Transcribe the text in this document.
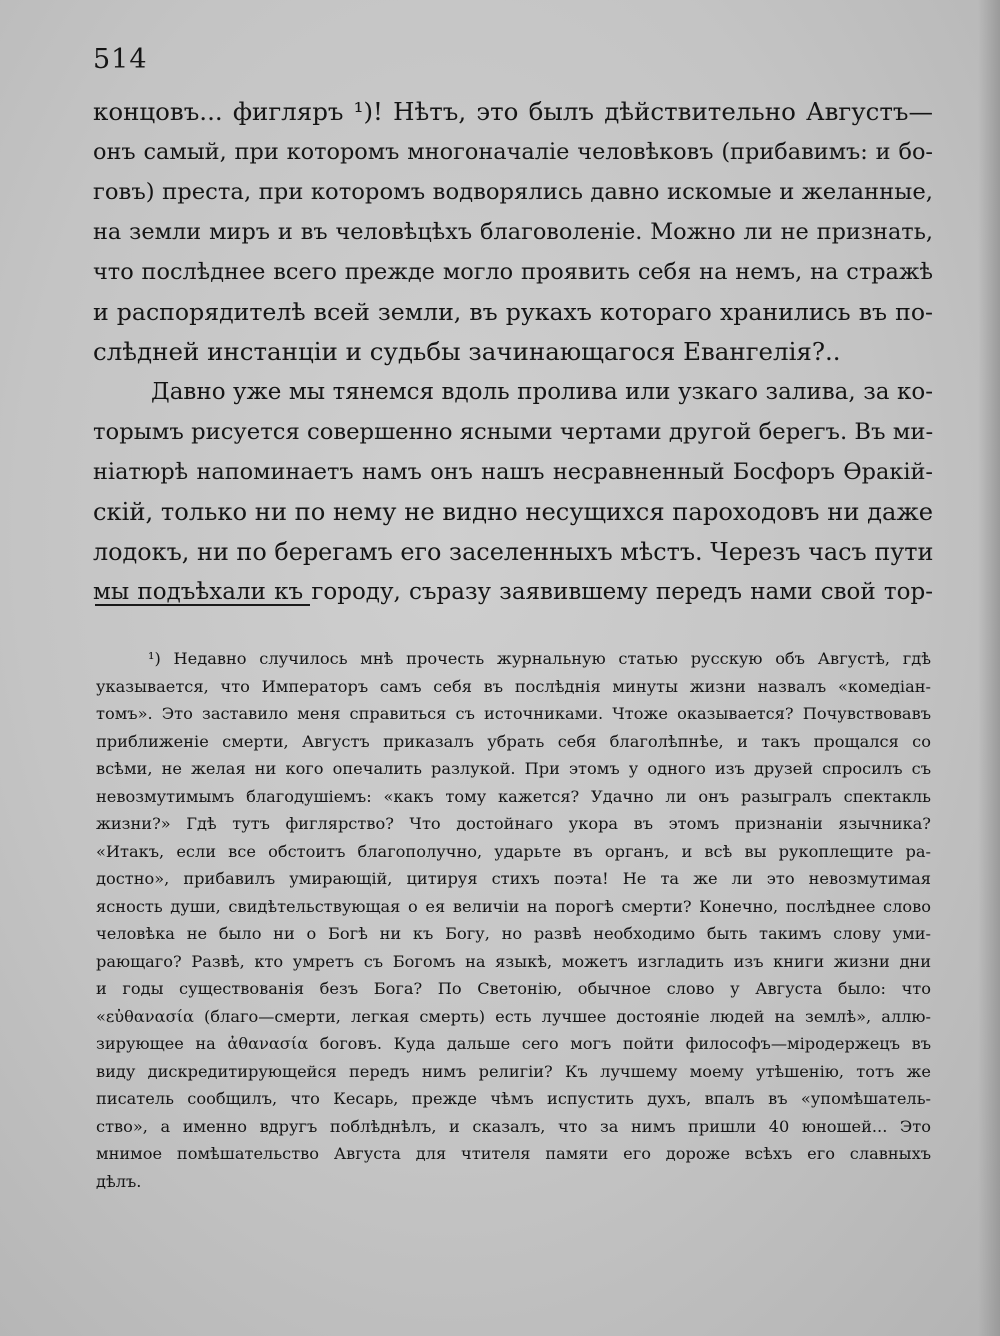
514
концовъ... фигляръ ¹)! Нѣтъ, это былъ дѣйствительно Августъ—
онъ самый, при которомъ многоначаліе человѣковъ (прибавимъ: и бо-
говъ) преста, при которомъ водворялись давно искомые и желанные,
на земли миръ и въ человѣцѣхъ благоволеніе. Можно ли не признать,
что послѣднее всего прежде могло проявить себя на немъ, на стражѣ
и распорядителѣ всей земли, въ рукахъ котораго хранились въ по-
слѣдней инстанціи и судьбы зачинающагося Евангелія?..
Давно уже мы тянемся вдоль пролива или узкаго залива, за ко-
торымъ рисуется совершенно ясными чертами другой берегъ. Въ ми-
ніатюрѣ напоминаетъ намъ онъ нашъ несравненный Босфоръ Ѳракій-
скій, только ни по нему не видно несущихся пароходовъ ни даже
лодокъ, ни по берегамъ его заселенныхъ мѣстъ. Черезъ часъ пути
мы подъѣхали къ городу, съразу заявившему передъ нами свой тор-
¹) Недавно случилось мнѣ прочесть журнальную статью русскую объ Августѣ, гдѣ
указывается, что Императоръ самъ себя въ послѣднія минуты жизни назвалъ «комедіан-
томъ». Это заставило меня справиться съ источниками. Чтоже оказывается? Почувствовавъ
приближеніе смерти, Августъ приказалъ убрать себя благолѣпнѣе, и такъ прощался со
всѣми, не желая ни кого опечалить разлукой. При этомъ у одного изъ друзей спросилъ съ
невозмутимымъ благодушіемъ: «какъ тому кажется? Удачно ли онъ разыгралъ спектакль
жизни?» Гдѣ тутъ фиглярство? Что достойнаго укора въ этомъ признаніи язычника?
«Итакъ, если все обстоитъ благополучно, ударьте въ органъ, и всѣ вы рукоплещите ра-
достно», прибавилъ умирающій, цитируя стихъ поэта! Не та же ли это невозмутимая
ясность души, свидѣтельствующая о ея величіи на порогѣ смерти? Конечно, послѣднее слово
человѣка не было ни о Богѣ ни къ Богу, но развѣ необходимо быть такимъ слову уми-
рающаго? Развѣ, кто умретъ съ Богомъ на языкѣ, можетъ изгладить изъ книги жизни дни
и годы существованія безъ Бога? По Светонію, обычное слово у Августа было: что
«εὐθανασία (благо—смерти, легкая смерть) есть лучшее достояніе людей на землѣ», аллю-
зирующее на ἀθανασία боговъ. Куда дальше сего могъ пойти философъ—міродержецъ въ
виду дискредитирующейся передъ нимъ религіи? Къ лучшему моему утѣшенію, тотъ же
писатель сообщилъ, что Кесарь, прежде чѣмъ испустить духъ, впалъ въ «упомѣшатель-
ство», а именно вдругъ поблѣднѣлъ, и сказалъ, что за нимъ пришли 40 юношей... Это
мнимое помѣшательство Августа для чтителя памяти его дороже всѣхъ его славныхъ
дѣлъ.
